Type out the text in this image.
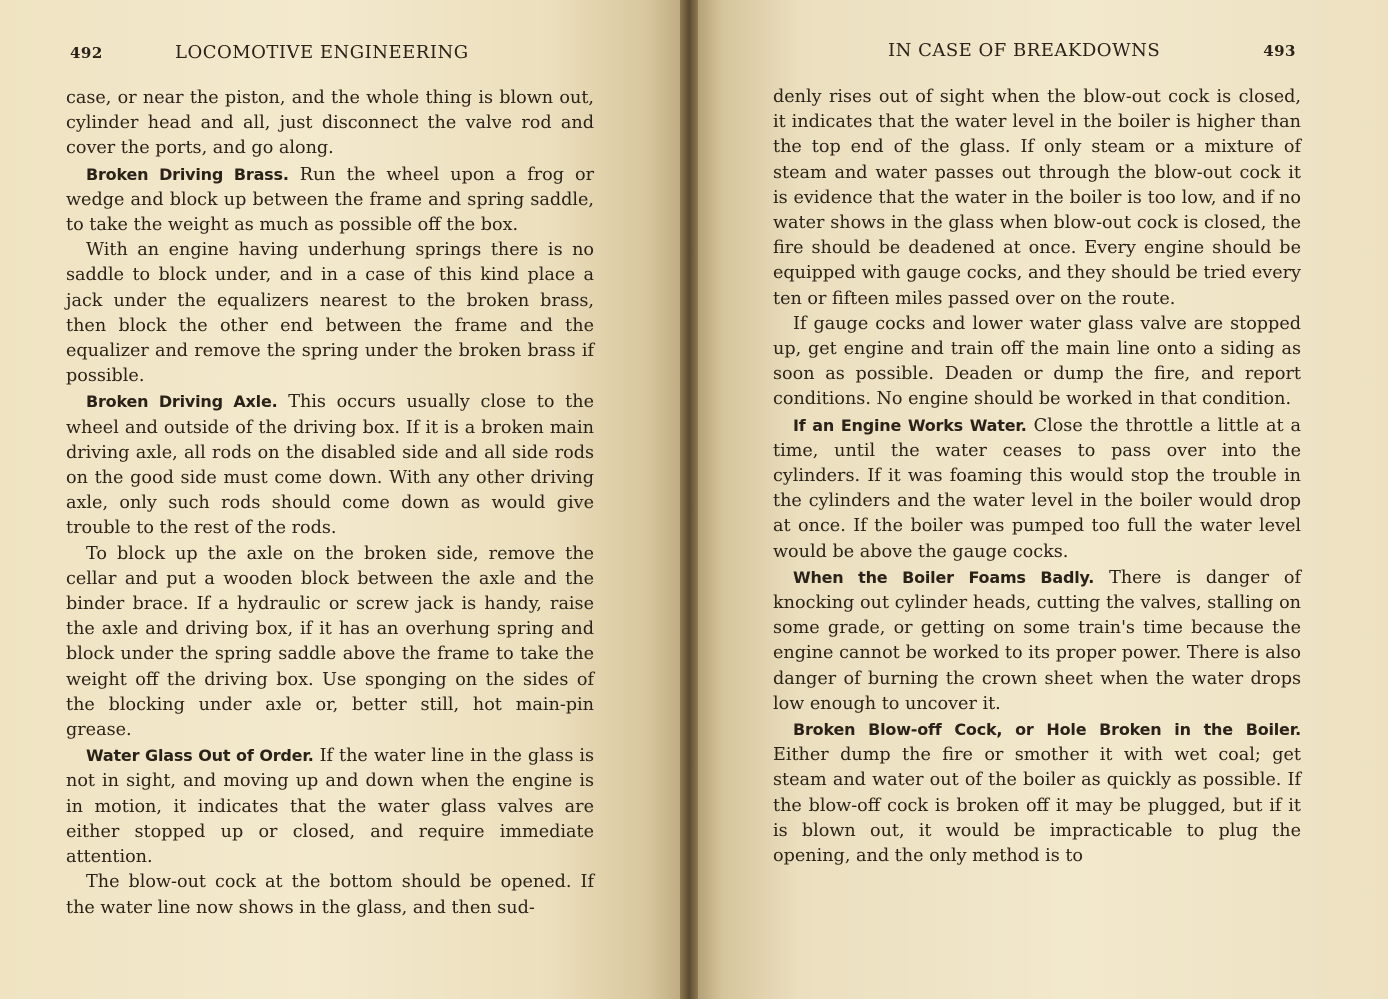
492	LOCOMOTIVE ENGINEERING

case, or near the piston, and the whole thing is blown out, cylinder head and all, just disconnect the valve rod and cover the ports, and go along.

Broken Driving Brass. Run the wheel upon a frog or wedge and block up between the frame and spring saddle, to take the weight as much as possible off the box.

With an engine having underhung springs there is no saddle to block under, and in a case of this kind place a jack under the equalizers nearest to the broken brass, then block the other end between the frame and the equalizer and remove the spring under the broken brass if possible.

Broken Driving Axle. This occurs usually close to the wheel and outside of the driving box. If it is a broken main driving axle, all rods on the disabled side and all side rods on the good side must come down. With any other driving axle, only such rods should come down as would give trouble to the rest of the rods.

To block up the axle on the broken side, remove the cellar and put a wooden block between the axle and the binder brace. If a hydraulic or screw jack is handy, raise the axle and driving box, if it has an overhung spring and block under the spring saddle above the frame to take the weight off the driving box. Use sponging on the sides of the blocking under axle or, better still, hot main-pin grease.

Water Glass Out of Order. If the water line in the glass is not in sight, and moving up and down when the engine is in motion, it indicates that the water glass valves are either stopped up or closed, and require immediate attention.

The blow-out cock at the bottom should be opened. If the water line now shows in the glass, and then sud-

IN CASE OF BREAKDOWNS	493

denly rises out of sight when the blow-out cock is closed, it indicates that the water level in the boiler is higher than the top end of the glass. If only steam or a mixture of steam and water passes out through the blow-out cock it is evidence that the water in the boiler is too low, and if no water shows in the glass when blow-out cock is closed, the fire should be deadened at once. Every engine should be equipped with gauge cocks, and they should be tried every ten or fifteen miles passed over on the route.

If gauge cocks and lower water glass valve are stopped up, get engine and train off the main line onto a siding as soon as possible. Deaden or dump the fire, and report conditions. No engine should be worked in that condition.

If an Engine Works Water. Close the throttle a little at a time, until the water ceases to pass over into the cylinders. If it was foaming this would stop the trouble in the cylinders and the water level in the boiler would drop at once. If the boiler was pumped too full the water level would be above the gauge cocks.

When the Boiler Foams Badly. There is danger of knocking out cylinder heads, cutting the valves, stalling on some grade, or getting on some train's time because the engine cannot be worked to its proper power. There is also danger of burning the crown sheet when the water drops low enough to uncover it.

Broken Blow-off Cock, or Hole Broken in the Boiler. Either dump the fire or smother it with wet coal; get steam and water out of the boiler as quickly as possible. If the blow-off cock is broken off it may be plugged, but if it is blown out, it would be impracticable to plug the opening, and the only method is to
